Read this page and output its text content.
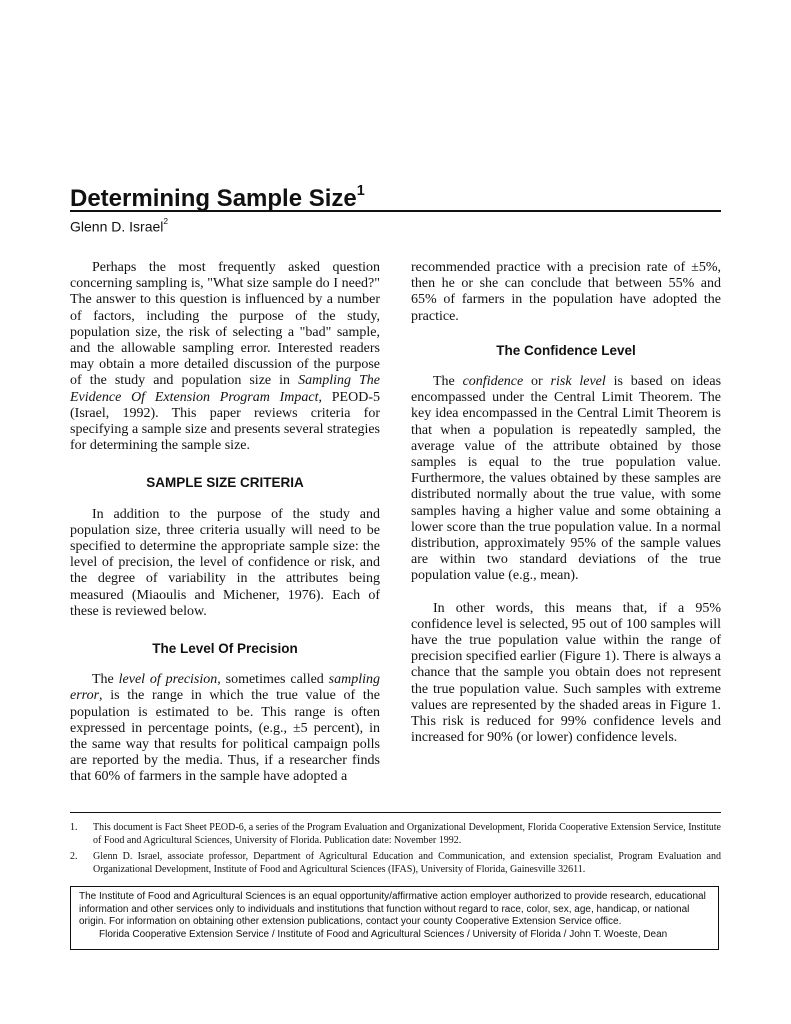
Determining Sample Size$^1$
Glenn D. Israel$^2$

Perhaps the most frequently asked question concerning sampling is, "What size sample do I need?" The answer to this question is influenced by a number of factors, including the purpose of the study, population size, the risk of selecting a "bad" sample, and the allowable sampling error. Interested readers may obtain a more detailed discussion of the purpose of the study and population size in Sampling The Evidence Of Extension Program Impact, PEOD-5 (Israel, 1992). This paper reviews criteria for specifying a sample size and presents several strategies for determining the sample size.

SAMPLE SIZE CRITERIA

In addition to the purpose of the study and population size, three criteria usually will need to be specified to determine the appropriate sample size: the level of precision, the level of confidence or risk, and the degree of variability in the attributes being measured (Miaoulis and Michener, 1976). Each of these is reviewed below.

The Level Of Precision

The level of precision, sometimes called sampling error, is the range in which the true value of the population is estimated to be. This range is often expressed in percentage points, (e.g., ±5 percent), in the same way that results for political campaign polls are reported by the media. Thus, if a researcher finds that 60% of farmers in the sample have adopted a

recommended practice with a precision rate of ±5%, then he or she can conclude that between 55% and 65% of farmers in the population have adopted the practice.

The Confidence Level

The confidence or risk level is based on ideas encompassed under the Central Limit Theorem. The key idea encompassed in the Central Limit Theorem is that when a population is repeatedly sampled, the average value of the attribute obtained by those samples is equal to the true population value. Furthermore, the values obtained by these samples are distributed normally about the true value, with some samples having a higher value and some obtaining a lower score than the true population value. In a normal distribution, approximately 95% of the sample values are within two standard deviations of the true population value (e.g., mean).

In other words, this means that, if a 95% confidence level is selected, 95 out of 100 samples will have the true population value within the range of precision specified earlier (Figure 1). There is always a chance that the sample you obtain does not represent the true population value. Such samples with extreme values are represented by the shaded areas in Figure 1. This risk is reduced for 99% confidence levels and increased for 90% (or lower) confidence levels.

1.	This document is Fact Sheet PEOD-6, a series of the Program Evaluation and Organizational Development, Florida Cooperative Extension Service, Institute of Food and Agricultural Sciences, University of Florida. Publication date: November 1992.
2.	Glenn D. Israel, associate professor, Department of Agricultural Education and Communication, and extension specialist, Program Evaluation and Organizational Development, Institute of Food and Agricultural Sciences (IFAS), University of Florida, Gainesville 32611.

The Institute of Food and Agricultural Sciences is an equal opportunity/affirmative action employer authorized to provide research, educational information and other services only to individuals and institutions that function without regard to race, color, sex, age, handicap, or national origin. For information on obtaining other extension publications, contact your county Cooperative Extension Service office.

Florida Cooperative Extension Service / Institute of Food and Agricultural Sciences / University of Florida / John T. Woeste, Dean
